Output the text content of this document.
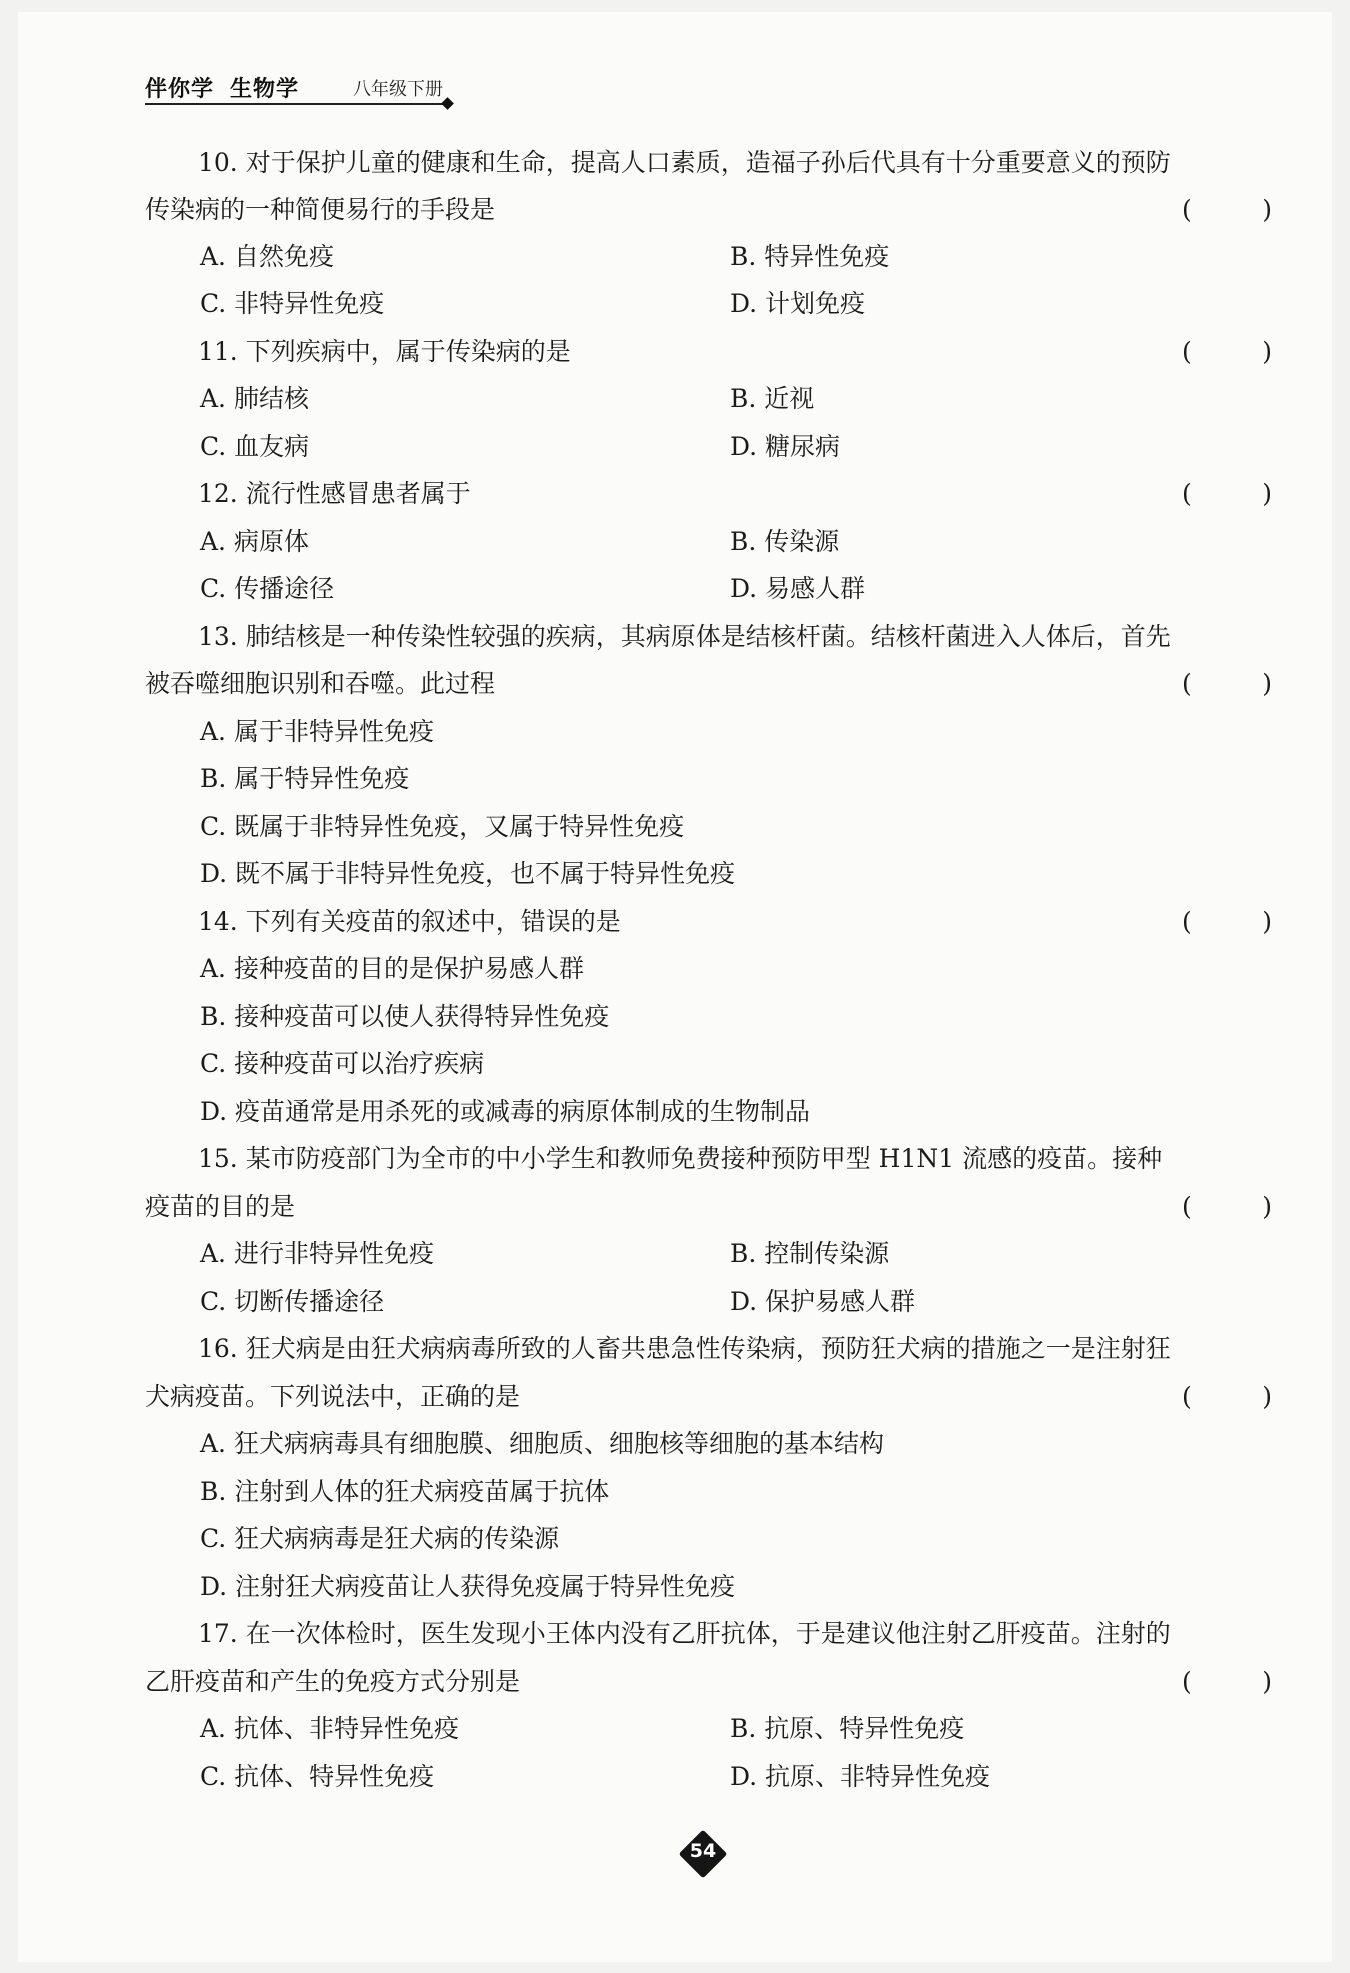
伴你学 生物学	八年级下册
10. 对于保护儿童的健康和生命，提高人口素质，造福子孙后代具有十分重要意义的预防
传染病的一种简便易行的手段是	(	)
A. 自然免疫	B. 特异性免疫
C. 非特异性免疫	D. 计划免疫
11. 下列疾病中，属于传染病的是	(	)
A. 肺结核	B. 近视
C. 血友病	D. 糖尿病
12. 流行性感冒患者属于	(	)
A. 病原体	B. 传染源
C. 传播途径	D. 易感人群
13. 肺结核是一种传染性较强的疾病，其病原体是结核杆菌。结核杆菌进入人体后，首先
被吞噬细胞识别和吞噬。此过程	(	)
A. 属于非特异性免疫
B. 属于特异性免疫
C. 既属于非特异性免疫，又属于特异性免疫
D. 既不属于非特异性免疫，也不属于特异性免疫
14. 下列有关疫苗的叙述中，错误的是	(	)
A. 接种疫苗的目的是保护易感人群
B. 接种疫苗可以使人获得特异性免疫
C. 接种疫苗可以治疗疾病
D. 疫苗通常是用杀死的或减毒的病原体制成的生物制品
15. 某市防疫部门为全市的中小学生和教师免费接种预防甲型 H1N1 流感的疫苗。接种
疫苗的目的是	(	)
A. 进行非特异性免疫	B. 控制传染源
C. 切断传播途径	D. 保护易感人群
16. 狂犬病是由狂犬病病毒所致的人畜共患急性传染病，预防狂犬病的措施之一是注射狂
犬病疫苗。下列说法中，正确的是	(	)
A. 狂犬病病毒具有细胞膜、细胞质、细胞核等细胞的基本结构
B. 注射到人体的狂犬病疫苗属于抗体
C. 狂犬病病毒是狂犬病的传染源
D. 注射狂犬病疫苗让人获得免疫属于特异性免疫
17. 在一次体检时，医生发现小王体内没有乙肝抗体，于是建议他注射乙肝疫苗。注射的
乙肝疫苗和产生的免疫方式分别是	(	)
A. 抗体、非特异性免疫	B. 抗原、特异性免疫
C. 抗体、特异性免疫	D. 抗原、非特异性免疫
54
